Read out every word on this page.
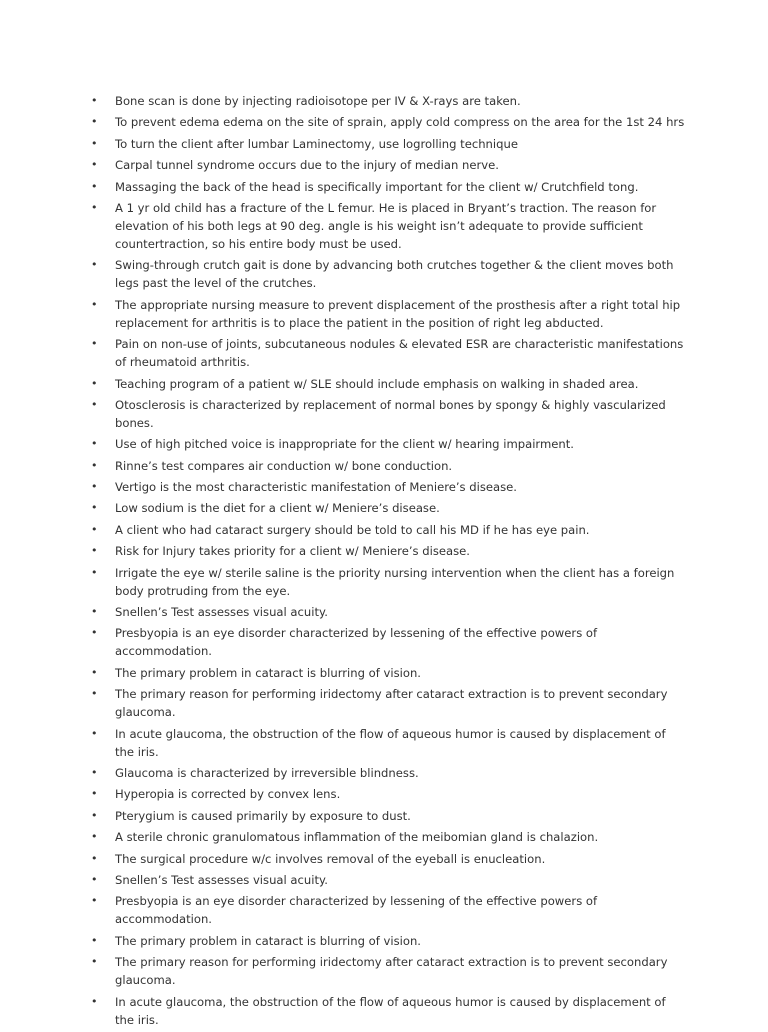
• Bone scan is done by injecting radioisotope per IV & X-rays are taken.
• To prevent edema edema on the site of sprain, apply cold compress on the area for the 1st 24 hrs
• To turn the client after lumbar Laminectomy, use logrolling technique
• Carpal tunnel syndrome occurs due to the injury of median nerve.
• Massaging the back of the head is specifically important for the client w/ Crutchfield tong.
• A 1 yr old child has a fracture of the L femur. He is placed in Bryant’s traction. The reason for elevation of his both legs at 90 deg. angle is his weight isn’t adequate to provide sufficient countertraction, so his entire body must be used.
• Swing-through crutch gait is done by advancing both crutches together & the client moves both legs past the level of the crutches.
• The appropriate nursing measure to prevent displacement of the prosthesis after a right total hip replacement for arthritis is to place the patient in the position of right leg abducted.
• Pain on non-use of joints, subcutaneous nodules & elevated ESR are characteristic manifestations of rheumatoid arthritis.
• Teaching program of a patient w/ SLE should include emphasis on walking in shaded area.
• Otosclerosis is characterized by replacement of normal bones by spongy & highly vascularized bones.
• Use of high pitched voice is inappropriate for the client w/ hearing impairment.
• Rinne’s test compares air conduction w/ bone conduction.
• Vertigo is the most characteristic manifestation of Meniere’s disease.
• Low sodium is the diet for a client w/ Meniere’s disease.
• A client who had cataract surgery should be told to call his MD if he has eye pain.
• Risk for Injury takes priority for a client w/ Meniere’s disease.
• Irrigate the eye w/ sterile saline is the priority nursing intervention when the client has a foreign body protruding from the eye.
• Snellen’s Test assesses visual acuity.
• Presbyopia is an eye disorder characterized by lessening of the effective powers of accommodation.
• The primary problem in cataract is blurring of vision.
• The primary reason for performing iridectomy after cataract extraction is to prevent secondary glaucoma.
• In acute glaucoma, the obstruction of the flow of aqueous humor is caused by displacement of the iris.
• Glaucoma is characterized by irreversible blindness.
• Hyperopia is corrected by convex lens.
• Pterygium is caused primarily by exposure to dust.
• A sterile chronic granulomatous inflammation of the meibomian gland is chalazion.
• The surgical procedure w/c involves removal of the eyeball is enucleation.
• Snellen’s Test assesses visual acuity.
• Presbyopia is an eye disorder characterized by lessening of the effective powers of accommodation.
• The primary problem in cataract is blurring of vision.
• The primary reason for performing iridectomy after cataract extraction is to prevent secondary glaucoma.
• In acute glaucoma, the obstruction of the flow of aqueous humor is caused by displacement of the iris.
